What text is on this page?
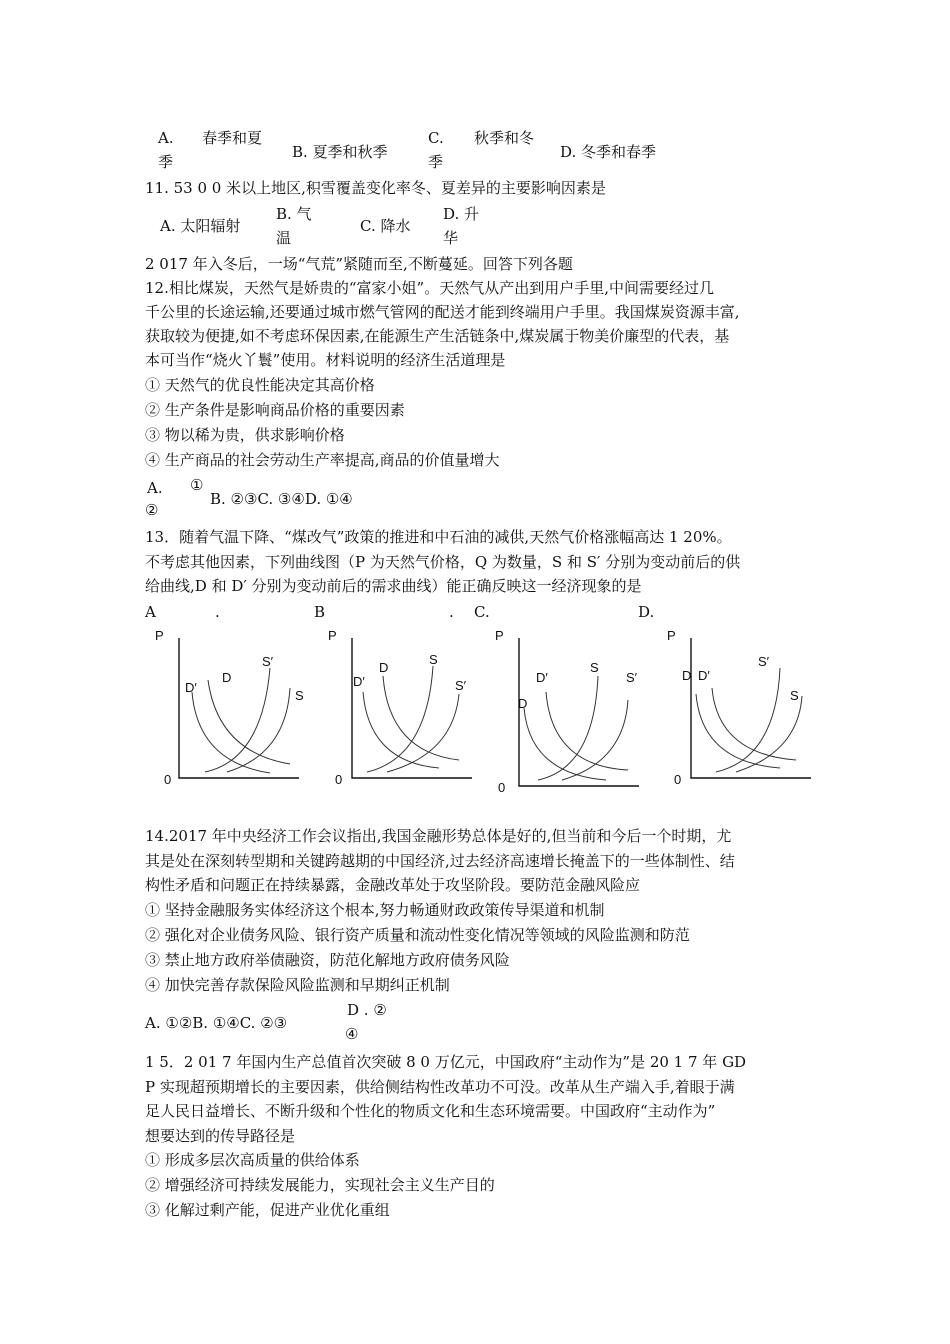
A. 春季和夏
季
B. 夏季和秋季
C. 秋季和冬
季
D. 冬季和春季
11. 53 0 0 米以上地区,积雪覆盖变化率冬、夏差异的主要影响因素是
A. 太阳辐射
B. 气
温
C. 降水
D. 升
华
2 017 年入冬后，一场“气荒”紧随而至,不断蔓延。回答下列各题
12.相比煤炭，天然气是娇贵的“富家小姐”。天然气从产出到用户手里,中间需要经过几
千公里的长途运输,还要通过城市燃气管网的配送才能到终端用户手里。我国煤炭资源丰富,
获取较为便捷,如不考虑环保因素,在能源生产生活链条中,煤炭属于物美价廉型的代表，基
本可当作“烧火丫鬟”使用。材料说明的经济生活道理是
① 天然气的优良性能决定其高价格
② 生产条件是影响商品价格的重要因素
③ 物以稀为贵，供求影响价格
④ 生产商品的社会劳动生产率提高,商品的价值量增大
A. ①
②
B. ②③C. ③④D. ①④
13．随着气温下降、“煤改气”政策的推进和中石油的减供,天然气价格涨幅高达 1 20%。
不考虑其他因素，下列曲线图（P 为天然气价格，Q 为数量，S 和 S′ 分别为变动前后的供
给曲线,D 和 D′ 分别为变动前后的需求曲线）能正确反映这一经济现象的是
A	.	B	. C.	D.
P
0
D′
D
S′
S
P
0
D′
D
S
S′
P
0
D′
D
S
S′
P
0
D D′
S′
S
14.2017 年中央经济工作会议指出,我国金融形势总体是好的,但当前和今后一个时期，尤
其是处在深刻转型期和关键跨越期的中国经济,过去经济高速增长掩盖下的一些体制性、结
构性矛盾和问题正在持续暴露，金融改革处于攻坚阶段。要防范金融风险应
① 坚持金融服务实体经济这个根本,努力畅通财政政策传导渠道和机制
② 强化对企业债务风险、银行资产质量和流动性变化情况等领域的风险监测和防范
③ 禁止地方政府举债融资，防范化解地方政府债务风险
④ 加快完善存款保险风险监测和早期纠正机制
A. ①②B. ①④C. ②③
D . ②
④
1 5．2 01 7 年国内生产总值首次突破 8 0 万亿元，中国政府“主动作为”是 20 1 7 年 GD
P 实现超预期增长的主要因素，供给侧结构性改革功不可没。改革从生产端入手,着眼于满
足人民日益增长、不断升级和个性化的物质文化和生态环境需要。中国政府“主动作为”
想要达到的传导路径是
① 形成多层次高质量的供给体系
② 增强经济可持续发展能力，实现社会主义生产目的
③ 化解过剩产能，促进产业优化重组
